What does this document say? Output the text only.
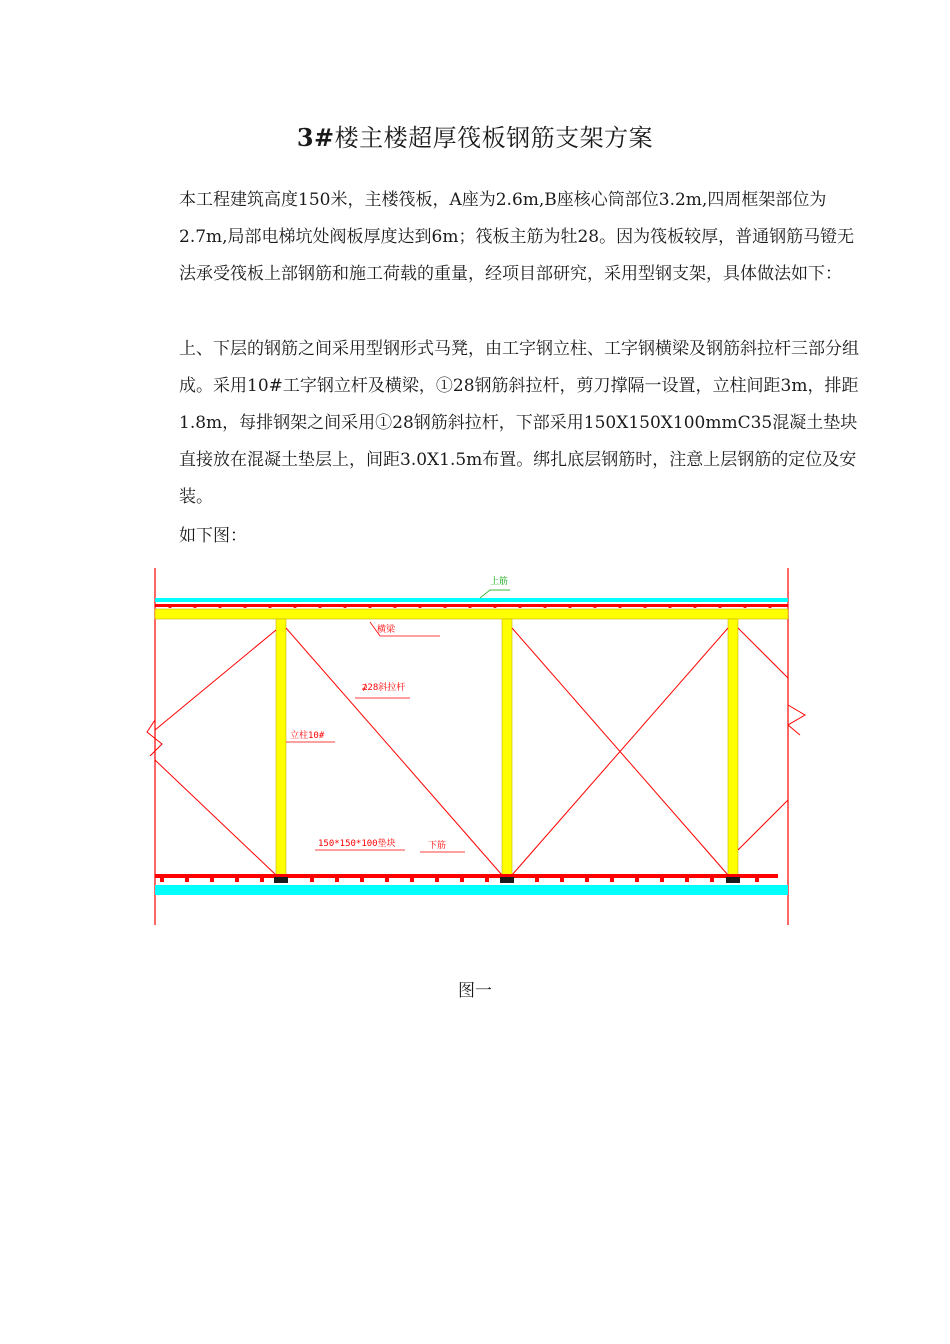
3#楼主楼超厚筏板钢筋支架方案

本工程建筑高度150米，主楼筏板，A座为2.6m,B座核心筒部位3.2m,四周框架部位为2.7m,局部电梯坑处阀板厚度达到6m；筏板主筋为牡28。因为筏板较厚，普通钢筋马镫无法承受筏板上部钢筋和施工荷载的重量，经项目部研究，采用型钢支架，具体做法如下：

上、下层的钢筋之间采用型钢形式马凳，由工字钢立柱、工字钢横梁及钢筋斜拉杆三部分组成。采用10#工字钢立杆及横梁，①28钢筋斜拉杆，剪刀撑隔一设置，立柱间距3m，排距1.8m，每排钢架之间采用①28钢筋斜拉杆，下部采用150X150X100mmC35混凝土垫块直接放在混凝土垫层上，间距3.0X1.5m布置。绑扎底层钢筋时，注意上层钢筋的定位及安装。

如下图：

上筋
横梁
⊉28斜拉杆
立柱10#
150*150*100垫块	下筋
图一
